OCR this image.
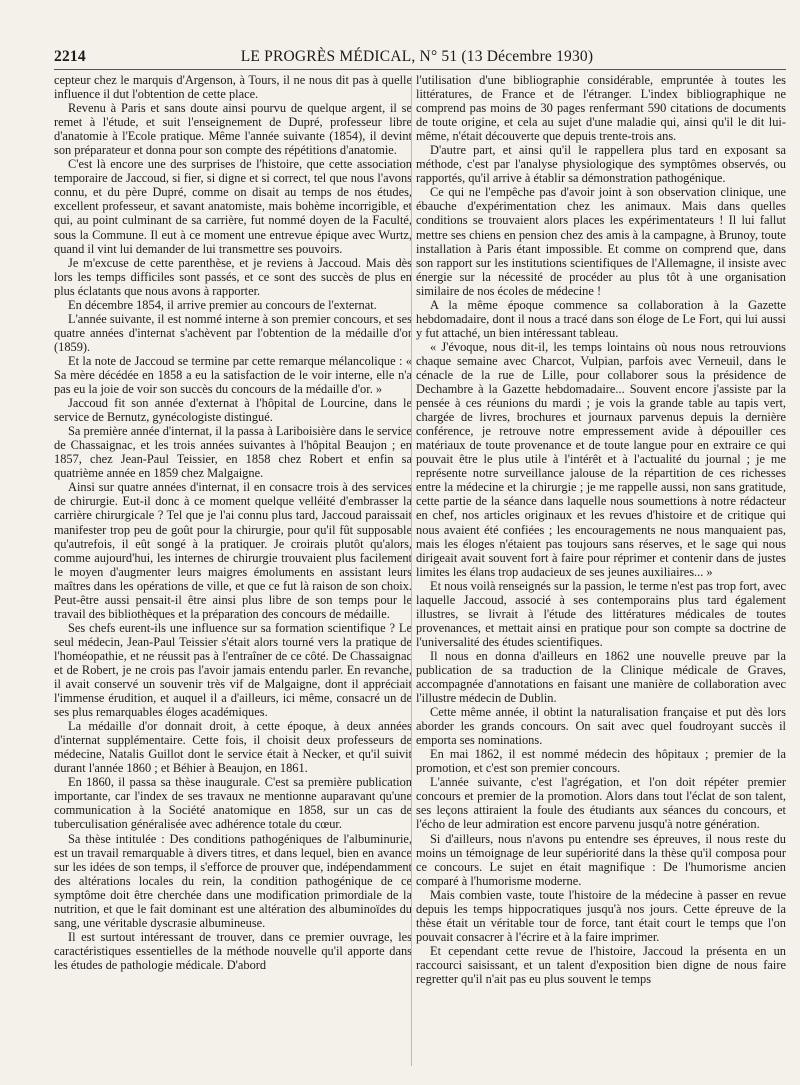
2214	LE PROGRÈS MÉDICAL, N° 51 (13 Décembre 1930)

cepteur chez le marquis d'Argenson, à Tours, il ne nous dit pas à quelle influence il dut l'obtention de cette place.

Revenu à Paris et sans doute ainsi pourvu de quelque argent, il se remet à l'étude, et suit l'enseignement de Dupré, professeur libre d'anatomie à l'Ecole pratique. Même l'année suivante (1854), il devint son préparateur et donna pour son compte des répétitions d'anatomie.

C'est là encore une des surprises de l'histoire, que cette association temporaire de Jaccoud, si fier, si digne et si correct, tel que nous l'avons connu, et du père Dupré, comme on disait au temps de nos études, excellent professeur, et savant anatomiste, mais bohème incorrigible, et qui, au point culminant de sa carrière, fut nommé doyen de la Faculté, sous la Commune. Il eut à ce moment une entrevue épique avec Wurtz, quand il vint lui demander de lui transmettre ses pouvoirs.

Je m'excuse de cette parenthèse, et je reviens à Jaccoud. Mais dès lors les temps difficiles sont passés, et ce sont des succès de plus en plus éclatants que nous avons à rapporter.

En décembre 1854, il arrive premier au concours de l'externat.

L'année suivante, il est nommé interne à son premier concours, et ses quatre années d'internat s'achèvent par l'obtention de la médaille d'or (1859).

Et la note de Jaccoud se termine par cette remarque mélancolique : « Sa mère décédée en 1858 a eu la satisfaction de le voir interne, elle n'a pas eu la joie de voir son succès du concours de la médaille d'or. »

Jaccoud fit son année d'externat à l'hôpital de Lourcine, dans le service de Bernutz, gynécologiste distingué.

Sa première année d'internat, il la passa à Lariboisière dans le service de Chassaignac, et les trois années suivantes à l'hôpital Beaujon ; en 1857, chez Jean-Paul Teissier, en 1858 chez Robert et enfin sa quatrième année en 1859 chez Malgaigne.

Ainsi sur quatre années d'internat, il en consacre trois à des services de chirurgie. Eut-il donc à ce moment quelque velléité d'embrasser la carrière chirurgicale ? Tel que je l'ai connu plus tard, Jaccoud paraissait manifester trop peu de goût pour la chirurgie, pour qu'il fût supposable qu'autrefois, il eût songé à la pratiquer. Je croirais plutôt qu'alors, comme aujourd'hui, les internes de chirurgie trouvaient plus facilement le moyen d'augmenter leurs maigres émoluments en assistant leurs maîtres dans les opérations de ville, et que ce fut là raison de son choix. Peut-être aussi pensait-il être ainsi plus libre de son temps pour le travail des bibliothèques et la préparation des concours de médaille.

Ses chefs eurent-ils une influence sur sa formation scientifique ? Le seul médecin, Jean-Paul Teissier s'était alors tourné vers la pratique de l'homéopathie, et ne réussit pas à l'entraîner de ce côté. De Chassaignac et de Robert, je ne crois pas l'avoir jamais entendu parler. En revanche, il avait conservé un souvenir très vif de Malgaigne, dont il appréciait l'immense érudition, et auquel il a d'ailleurs, ici même, consacré un de ses plus remarquables éloges académiques.

La médaille d'or donnait droit, à cette époque, à deux années d'internat supplémentaire. Cette fois, il choisit deux professeurs de médecine, Natalis Guillot dont le service était à Necker, et qu'il suivit durant l'année 1860 ; et Béhier à Beaujon, en 1861.

En 1860, il passa sa thèse inaugurale. C'est sa première publication importante, car l'index de ses travaux ne mentionne auparavant qu'une communication à la Société anatomique en 1858, sur un cas de tuberculisation généralisée avec adhérence totale du cœur.

Sa thèse intitulée : Des conditions pathogéniques de l'albuminurie, est un travail remarquable à divers titres, et dans lequel, bien en avance sur les idées de son temps, il s'efforce de prouver que, indépendamment des altérations locales du rein, la condition pathogénique de ce symptôme doit être cherchée dans une modification primordiale de la nutrition, et que le fait dominant est une altération des albuminoïdes du sang, une véritable dyscrasie albumineuse.

Il est surtout intéressant de trouver, dans ce premier ouvrage, les caractéristiques essentielles de la méthode nouvelle qu'il apporte dans les études de pathologie médicale. D'abord

l'utilisation d'une bibliographie considérable, empruntée à toutes les littératures, de France et de l'étranger. L'index bibliographique ne comprend pas moins de 30 pages renfermant 590 citations de documents de toute origine, et cela au sujet d'une maladie qui, ainsi qu'il le dit lui-même, n'était découverte que depuis trente-trois ans.

D'autre part, et ainsi qu'il le rappellera plus tard en exposant sa méthode, c'est par l'analyse physiologique des symptômes observés, ou rapportés, qu'il arrive à établir sa démonstration pathogénique.

Ce qui ne l'empêche pas d'avoir joint à son observation clinique, une ébauche d'expérimentation chez les animaux. Mais dans quelles conditions se trouvaient alors places les expérimentateurs ! Il lui fallut mettre ses chiens en pension chez des amis à la campagne, à Brunoy, toute installation à Paris étant impossible. Et comme on comprend que, dans son rapport sur les institutions scientifiques de l'Allemagne, il insiste avec énergie sur la nécessité de procéder au plus tôt à une organisation similaire de nos écoles de médecine !

A la même époque commence sa collaboration à la Gazette hebdomadaire, dont il nous a tracé dans son éloge de Le Fort, qui lui aussi y fut attaché, un bien intéressant tableau.

« J'évoque, nous dit-il, les temps lointains où nous nous retrouvions chaque semaine avec Charcot, Vulpian, parfois avec Verneuil, dans le cénacle de la rue de Lille, pour collaborer sous la présidence de Dechambre à la Gazette hebdomadaire... Souvent encore j'assiste par la pensée à ces réunions du mardi ; je vois la grande table au tapis vert, chargée de livres, brochures et journaux parvenus depuis la dernière conférence, je retrouve notre empressement avide à dépouiller ces matériaux de toute provenance et de toute langue pour en extraire ce qui pouvait être le plus utile à l'intérêt et à l'actualité du journal ; je me représente notre surveillance jalouse de la répartition de ces richesses entre la médecine et la chirurgie ; je me rappelle aussi, non sans gratitude, cette partie de la séance dans laquelle nous soumettions à notre rédacteur en chef, nos articles originaux et les revues d'histoire et de critique qui nous avaient été confiées ; les encouragements ne nous manquaient pas, mais les éloges n'étaient pas toujours sans réserves, et le sage qui nous dirigeait avait souvent fort à faire pour réprimer et contenir dans de justes limites les élans trop audacieux de ses jeunes auxiliaires... »

Et nous voilà renseignés sur la passion, le terme n'est pas trop fort, avec laquelle Jaccoud, associé à ses contemporains plus tard également illustres, se livrait à l'étude des littératures médicales de toutes provenances, et mettait ainsi en pratique pour son compte sa doctrine de l'universalité des études scientifiques.

Il nous en donna d'ailleurs en 1862 une nouvelle preuve par la publication de sa traduction de la Clinique médicale de Graves, accompagnée d'annotations en faisant une manière de collaboration avec l'illustre médecin de Dublin.

Cette même année, il obtint la naturalisation française et put dès lors aborder les grands concours. On sait avec quel foudroyant succès il emporta ses nominations.

En mai 1862, il est nommé médecin des hôpitaux ; premier de la promotion, et c'est son premier concours.

L'année suivante, c'est l'agrégation, et l'on doit répéter premier concours et premier de la promotion. Alors dans tout l'éclat de son talent, ses leçons attiraient la foule des étudiants aux séances du concours, et l'écho de leur admiration est encore parvenu jusqu'à notre génération.

Si d'ailleurs, nous n'avons pu entendre ses épreuves, il nous reste du moins un témoignage de leur supériorité dans la thèse qu'il composa pour ce concours. Le sujet en était magnifique : De l'humorisme ancien comparé à l'humorisme moderne.

Mais combien vaste, toute l'histoire de la médecine à passer en revue depuis les temps hippocratiques jusqu'à nos jours. Cette épreuve de la thèse était un véritable tour de force, tant était court le temps que l'on pouvait consacrer à l'écrire et à la faire imprimer.

Et cependant cette revue de l'histoire, Jaccoud la présenta en un raccourci saisissant, et un talent d'exposition bien digne de nous faire regretter qu'il n'ait pas eu plus souvent le temps
